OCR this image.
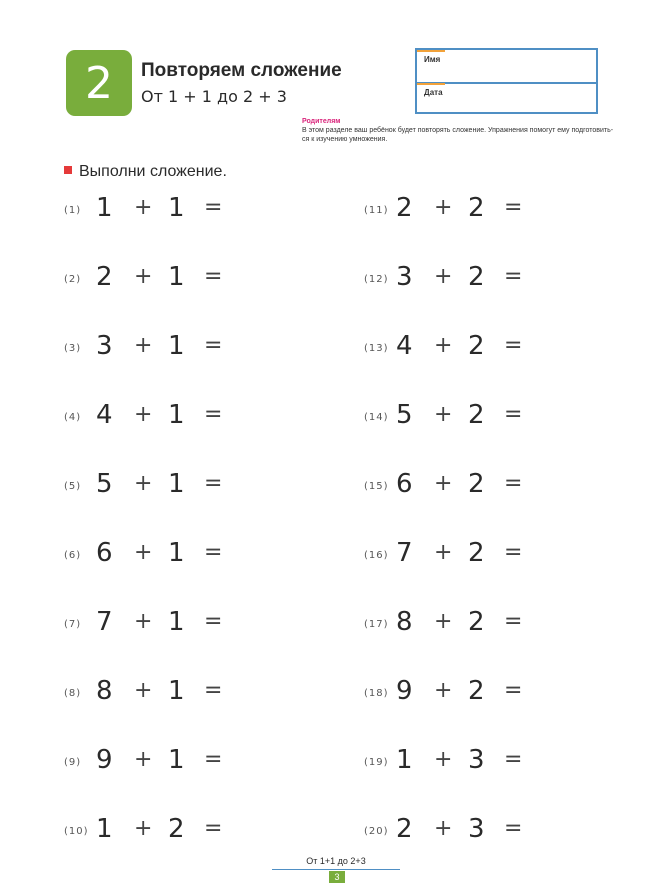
2 Повторяем сложение
От 1 + 1 до 2 + 3
Имя
Дата
Родителям
В этом разделе ваш ребёнок будет повторять сложение. Упражнения помогут ему подготовить-ся к изучению умножения.
Выполни сложение.
(1) 1 + 1 =
(2) 2 + 1 =
(3) 3 + 1 =
(4) 4 + 1 =
(5) 5 + 1 =
(6) 6 + 1 =
(7) 7 + 1 =
(8) 8 + 1 =
(9) 9 + 1 =
(10) 1 + 2 =
(11) 2 + 2 =
(12) 3 + 2 =
(13) 4 + 2 =
(14) 5 + 2 =
(15) 6 + 2 =
(16) 7 + 2 =
(17) 8 + 2 =
(18) 9 + 2 =
(19) 1 + 3 =
(20) 2 + 3 =
От 1+1 до 2+3
3
